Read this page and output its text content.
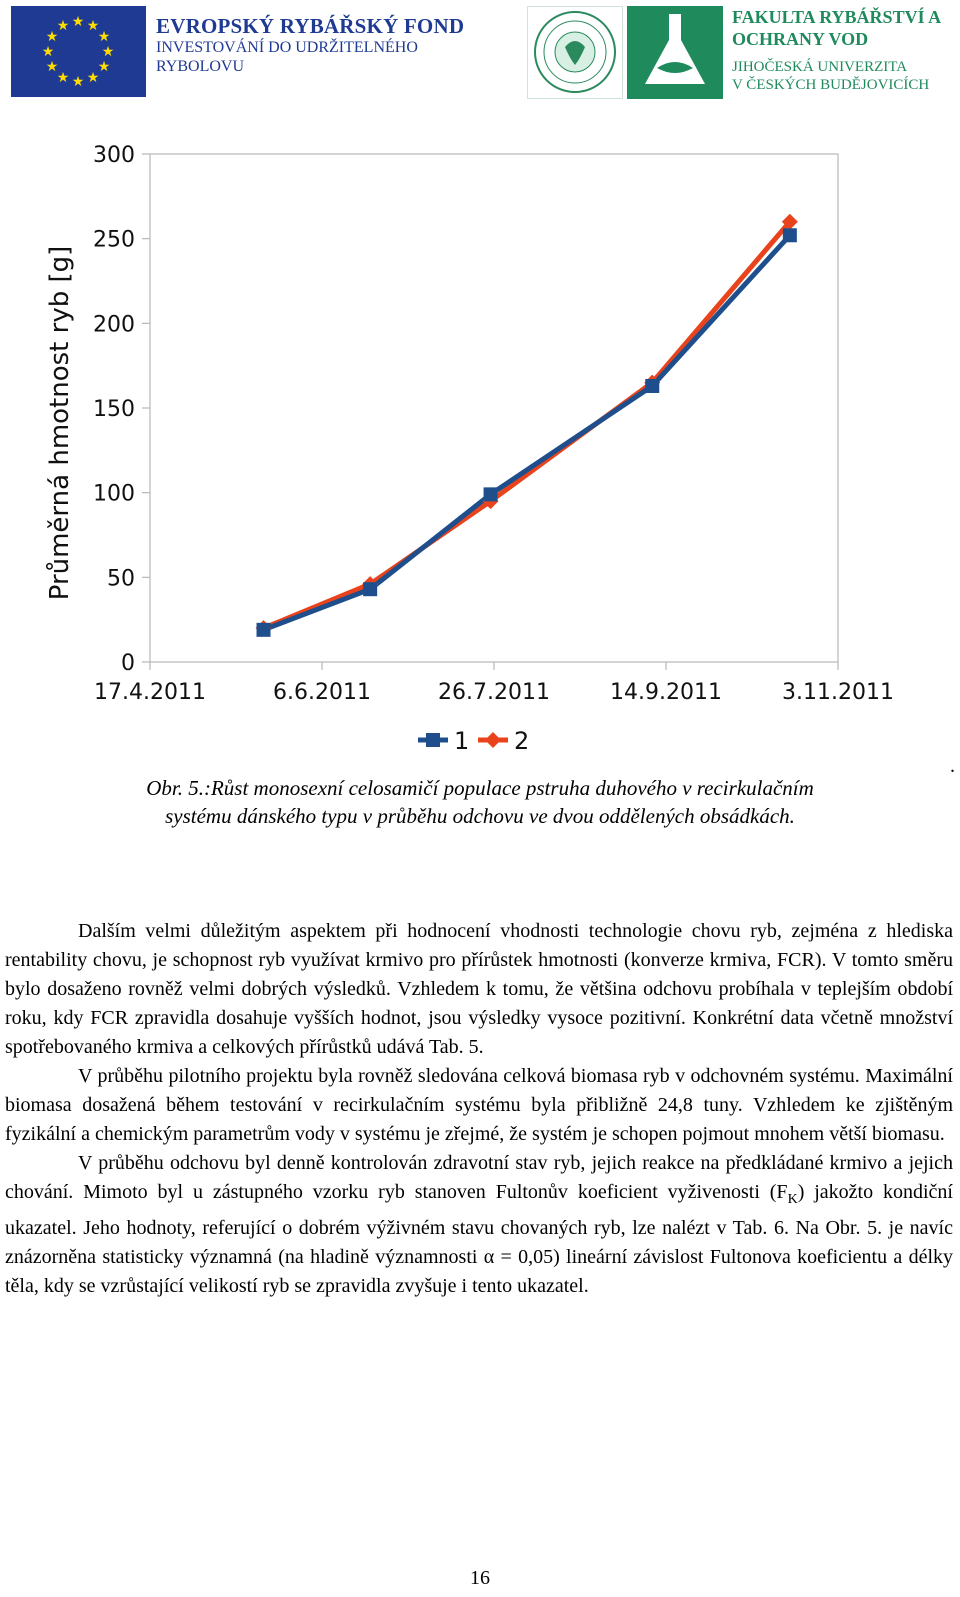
★ ★
★
★
★
★
★
★
★
★
★
★	EVROPSKÝ RYBÁŘSKÝ FOND
INVESTOVÁNÍ DO UDRŽITELNÉHO
RYBOLOVU
FAKULTA RYBÁŘSTVÍ A
OCHRANY VOD
JIHOČESKÁ UNIVERZITA
V ČESKÝCH BUDĚJOVICÍCH
0
50
100
150
200
250
300
17.4.2011	6.6.2011	26.7.2011	14.9.2011	3.11.2011
1 2
Průměrná hmotnost ryb [g]
.
Obr. 5.:Růst monosexní celosamičí populace pstruha duhového v recirkulačním
systému dánského typu v průběhu odchovu ve dvou oddělených obsádkách.

Dalším velmi důležitým aspektem při hodnocení vhodnosti technologie chovu ryb, zejména z hlediska rentability chovu, je schopnost ryb využívat krmivo pro přírůstek hmotnosti (konverze krmiva, FCR). V tomto směru bylo dosaženo rovněž velmi dobrých výsledků. Vzhledem k tomu, že většina odchovu probíhala v teplejším období roku, kdy FCR zpravidla dosahuje vyšších hodnot, jsou výsledky vysoce pozitivní. Konkrétní data včetně množství spotřebovaného krmiva a celkových přírůstků udává Tab. 5.

V průběhu pilotního projektu byla rovněž sledována celková biomasa ryb v odchovném systému. Maximální biomasa dosažená během testování v recirkulačním systému byla přibližně 24,8 tuny. Vzhledem ke zjištěným fyzikální a chemickým parametrům vody v systému je zřejmé, že systém je schopen pojmout mnohem větší biomasu.

V průběhu odchovu byl denně kontrolován zdravotní stav ryb, jejich reakce na předkládané krmivo a jejich chování. Mimoto byl u zástupného vzorku ryb stanoven Fultonův koeficient vyživenosti $(F_K)$ jakožto kondiční ukazatel. Jeho hodnoty, referující o dobrém výživném stavu chovaných ryb, lze nalézt v Tab. 6. Na Obr. 5. je navíc znázorněna statisticky významná (na hladině významnosti α = 0,05) lineární závislost Fultonova koeficientu a délky těla, kdy se vzrůstající velikostí ryb se zpravidla zvyšuje i tento ukazatel.

16
